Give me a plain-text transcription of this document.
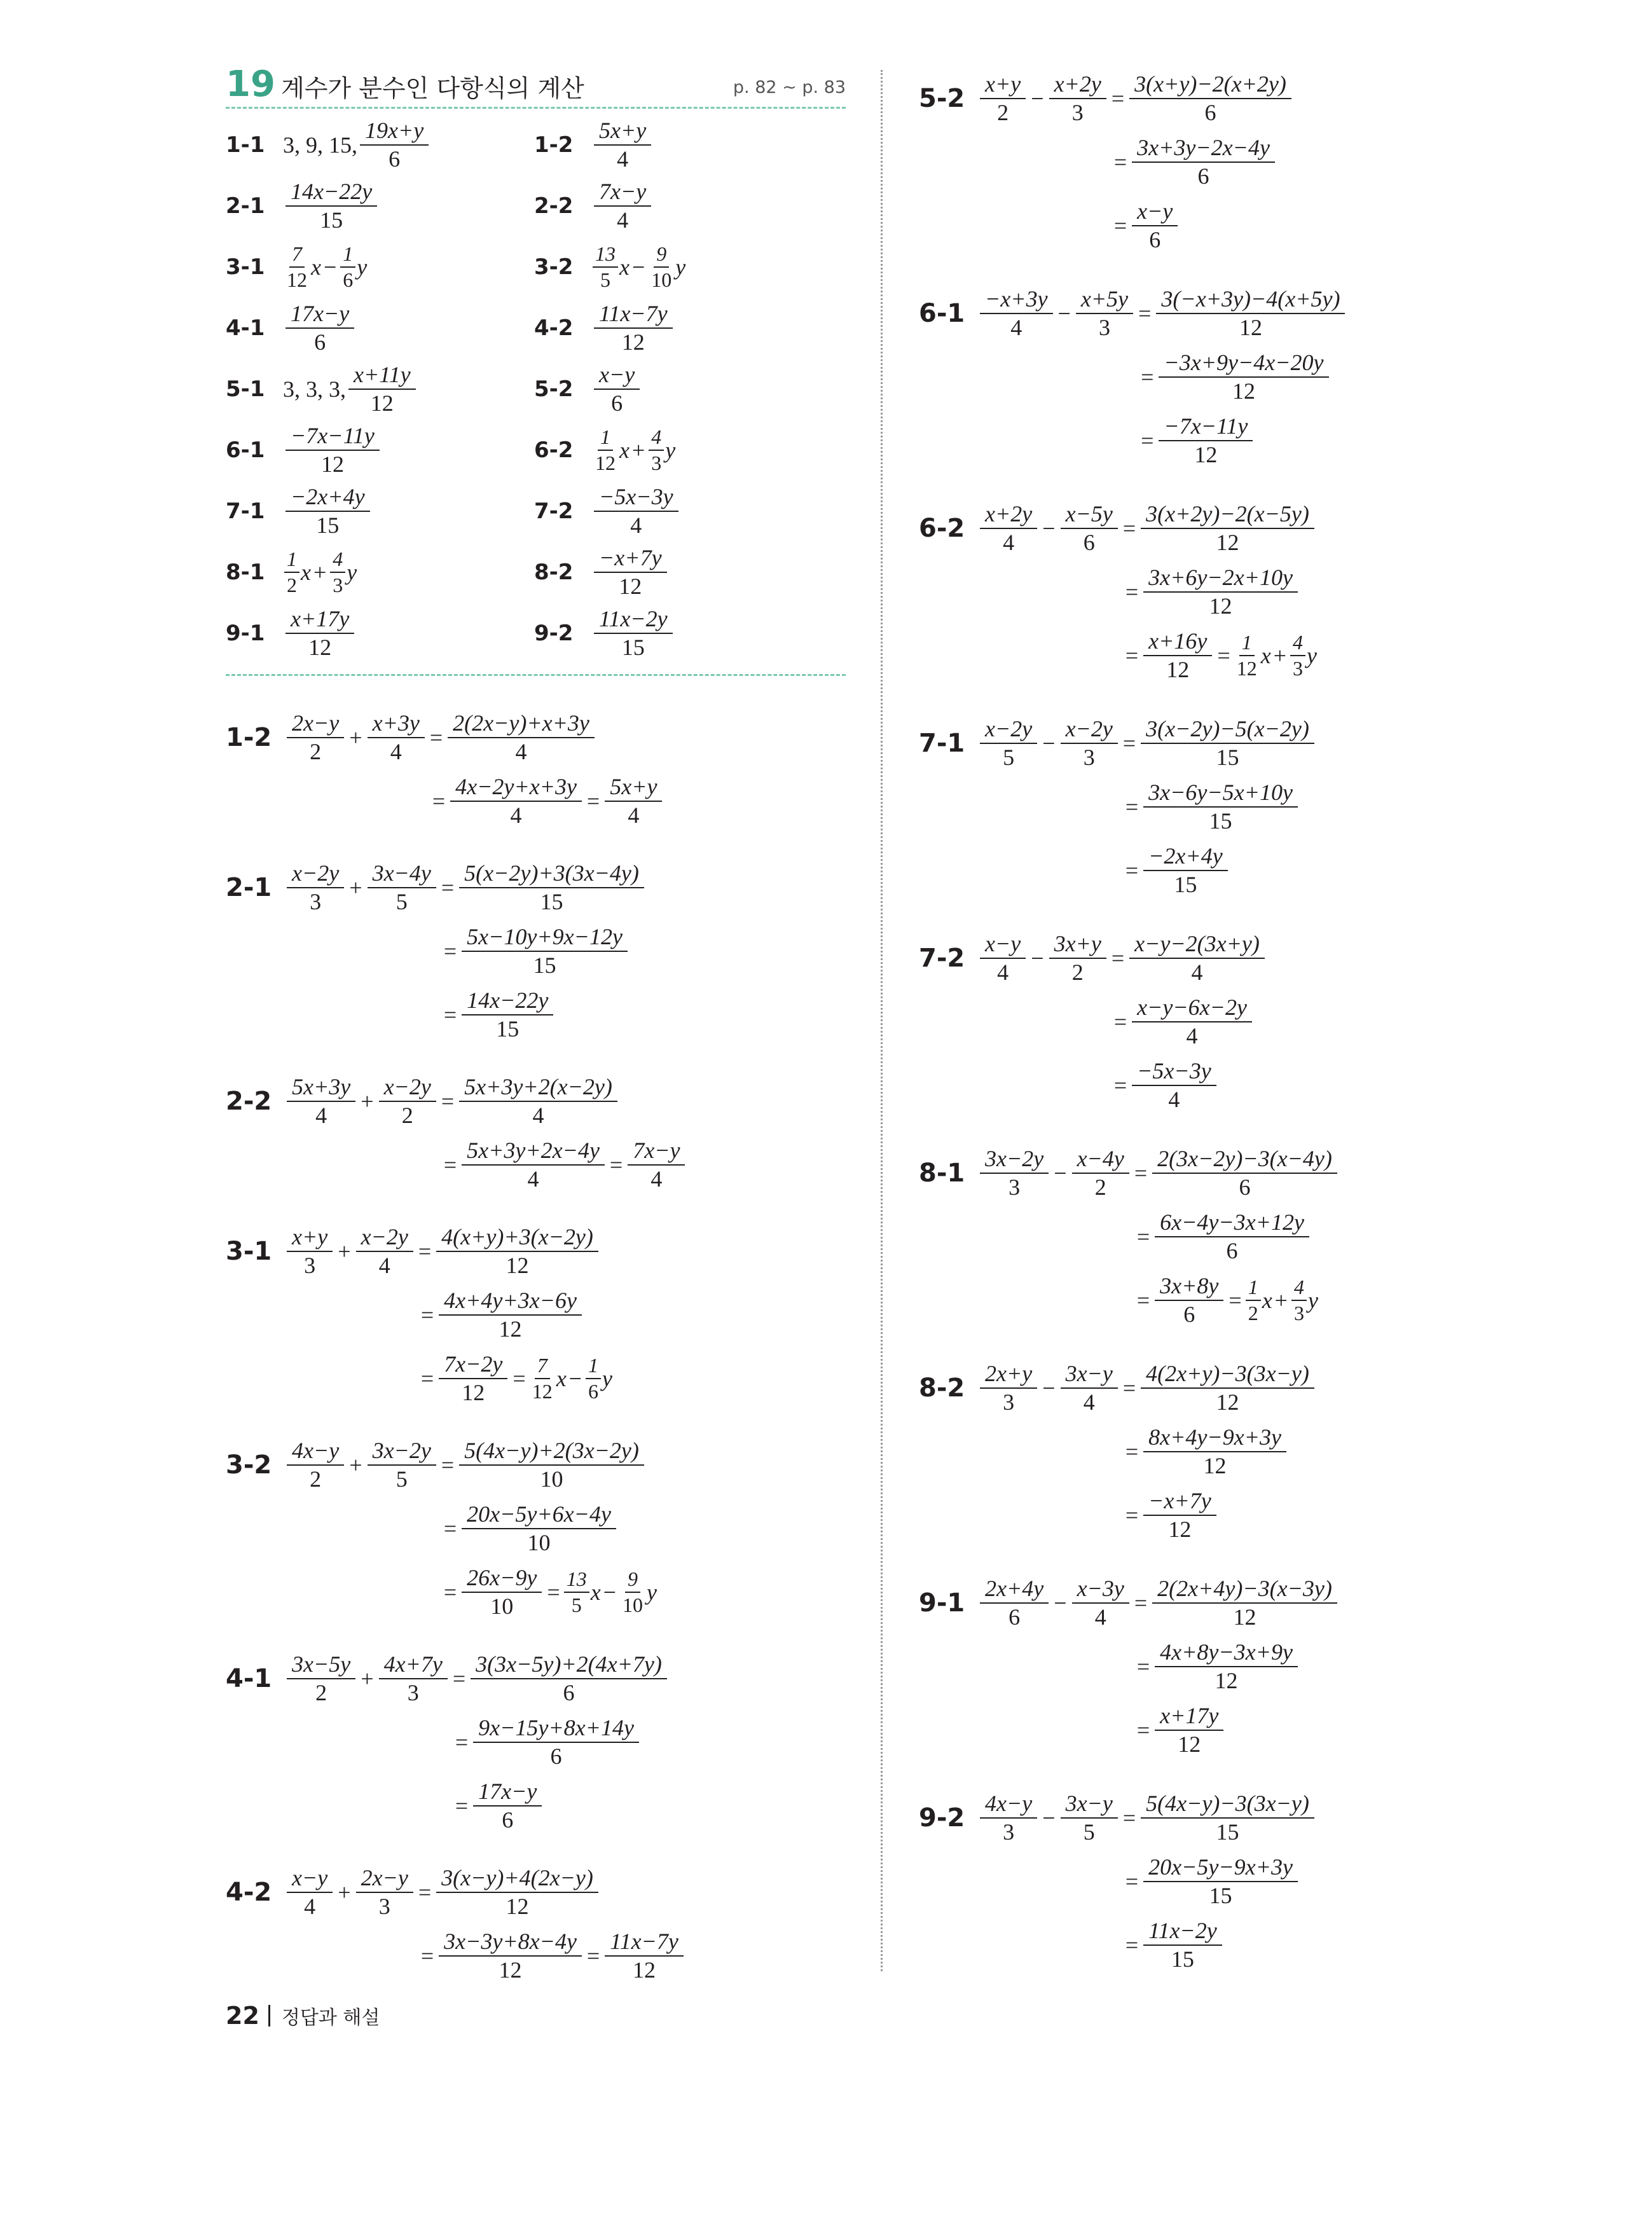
19 계수가 분수인 다항식의 계산	p. 82 ~ p. 83
1-1 3, 9, 15, $\frac{19x+y}{6}$	$1-2 \frac{5x+y}{4}$
$2-1 \frac{14x-22y}{15}$	$2-2 \frac{7x-y}{4}$
$3-1 \frac{7}{12}$ $x - \frac{1}{6}$ y	$3-2 \frac{13}{5}$ $x - \frac{9}{10}$ y
$4-1 \frac{17x-y}{6}$	$4-2 \frac{11x-7y}{12}$
5-1 3, 3, 3, $\frac{x+11y}{12}$	$5-2 \frac{x-y}{6}$
$6-1 \frac{-7x-11y}{12}$	$6-2 \frac{1}{12}$ $x + \frac{4}{3}$ y
$7-1 \frac{-2x+4y}{15}$	$7-2 \frac{-5x-3y}{4}$
$8-1 \frac{1}{2}$ $x + \frac{4}{3}$ y	$8-2 \frac{-x+7y}{12}$
$9-1 \frac{x+17y}{12}$	$9-2 \frac{11x-2y}{15}$
$1-2 \frac{2x-y}{2} + \frac{x+3y}{4} = \frac{2(2x-y)+x+3y}{4}$
= $\frac{4x-2y+x+3y}{4} = \frac{5x+y}{4}$
$2-1 \frac{x-2y}{3} + \frac{3x-4y}{5} = \frac{5(x-2y)+3(3x-4y)}{15}$
= $\frac{5x-10y+9x-12y}{15}$
= $\frac{14x-22y}{15}$
$2-2 \frac{5x+3y}{4} + \frac{x-2y}{2} = \frac{5x+3y+2(x-2y)}{4}$
= $\frac{5x+3y+2x-4y}{4} = \frac{7x-y}{4}$
$3-1 \frac{x+y}{3} + \frac{x-2y}{4} = \frac{4(x+y)+3(x-2y)}{12}$
= $\frac{4x+4y+3x-6y}{12}$
= $\frac{7x-2y}{12} = \frac{7}{12}$ $x - \frac{1}{6}$ y
$3-2 \frac{4x-y}{2} + \frac{3x-2y}{5} = \frac{5(4x-y)+2(3x-2y)}{10}$
= $\frac{20x-5y+6x-4y}{10}$
= $\frac{26x-9y}{10} = \frac{13}{5}$ $x - \frac{9}{10}$ y
$4-1 \frac{3x-5y}{2} + \frac{4x+7y}{3} = \frac{3(3x-5y)+2(4x+7y)}{6}$
= $\frac{9x-15y+8x+14y}{6}$
= $\frac{17x-y}{6}$
$4-2 \frac{x-y}{4} + \frac{2x-y}{3} = \frac{3(x-y)+4(2x-y)}{12}$
= $\frac{3x-3y+8x-4y}{12} = \frac{11x-7y}{12}$
$5-2 \frac{x+y}{2} - \frac{x+2y}{3} = \frac{3(x+y)-2(x+2y)}{6}$
= $\frac{3x+3y-2x-4y}{6}$
= $\frac{x-y}{6}$
$6-1 \frac{-x+3y}{4} - \frac{x+5y}{3} = \frac{3(-x+3y)-4(x+5y)}{12}$
= $\frac{-3x+9y-4x-20y}{12}$
= $\frac{-7x-11y}{12}$
$6-2 \frac{x+2y}{4} - \frac{x-5y}{6} = \frac{3(x+2y)-2(x-5y)}{12}$
= $\frac{3x+6y-2x+10y}{12}$
= $\frac{x+16y}{12} = \frac{1}{12}$ $x + \frac{4}{3}$ y
$7-1 \frac{x-2y}{5} - \frac{x-2y}{3} = \frac{3(x-2y)-5(x-2y)}{15}$
= $\frac{3x-6y-5x+10y}{15}$
= $\frac{-2x+4y}{15}$
$7-2 \frac{x-y}{4} - \frac{3x+y}{2} = \frac{x-y-2(3x+y)}{4}$
= $\frac{x-y-6x-2y}{4}$
= $\frac{-5x-3y}{4}$
$8-1 \frac{3x-2y}{3} - \frac{x-4y}{2} = \frac{2(3x-2y)-3(x-4y)}{6}$
= $\frac{6x-4y-3x+12y}{6}$
= $\frac{3x+8y}{6} = \frac{1}{2}$ $x + \frac{4}{3}$ y
$8-2 \frac{2x+y}{3} - \frac{3x-y}{4} = \frac{4(2x+y)-3(3x-y)}{12}$
= $\frac{8x+4y-9x+3y}{12}$
= $\frac{-x+7y}{12}$
$9-1 \frac{2x+4y}{6} - \frac{x-3y}{4} = \frac{2(2x+4y)-3(x-3y)}{12}$
= $\frac{4x+8y-3x+9y}{12}$
= $\frac{x+17y}{12}$
$9-2 \frac{4x-y}{3} - \frac{3x-y}{5} = \frac{5(4x-y)-3(3x-y)}{15}$
= $\frac{20x-5y-9x+3y}{15}$
= $\frac{11x-2y}{15}$
22 정답과 해설
